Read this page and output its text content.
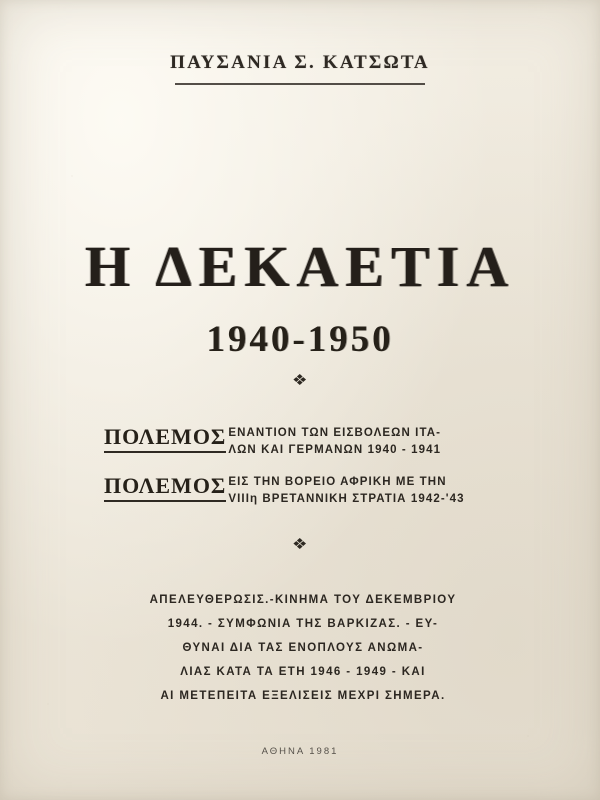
ΠΑΥΣΑΝΙΑ Σ. ΚΑΤΣΩΤΑ
Η ΔΕΚΑΕΤΙΑ
1940-1950
❖
ΠΟΛΕΜΟΣ ΕΝΑΝΤΙΟΝ ΤΩΝ ΕΙΣΒΟΛΕΩΝ ΙΤΑ-
ΛΩΝ ΚΑΙ ΓΕΡΜΑΝΩΝ 1940 - 1941
ΠΟΛΕΜΟΣ ΕΙΣ ΤΗΝ ΒΟΡΕΙΟ ΑΦΡΙΚΗ ΜΕ ΤΗΝ
VIIIη ΒΡΕΤΑΝΝΙΚΗ ΣΤΡΑΤΙΑ 1942-'43
❖
ΑΠΕΛΕΥΘΕΡΩΣΙΣ.-ΚΙΝΗΜΑ ΤΟΥ ΔΕΚΕΜΒΡΙΟΥ
1944. - ΣΥΜΦΩΝΙΑ ΤΗΣ ΒΑΡΚΙΖΑΣ. - ΕΥ-
ΘΥΝΑΙ ΔΙΑ ΤΑΣ ΕΝΟΠΛΟΥΣ ΑΝΩΜΑ-
ΛΙΑΣ ΚΑΤΑ ΤΑ ΕΤΗ 1946 - 1949 - ΚΑΙ
ΑΙ ΜΕΤΕΠΕΙΤΑ ΕΞΕΛΙΣΕΙΣ ΜΕΧΡΙ ΣΗΜΕΡΑ.
ΑΘΗΝΑ 1981
